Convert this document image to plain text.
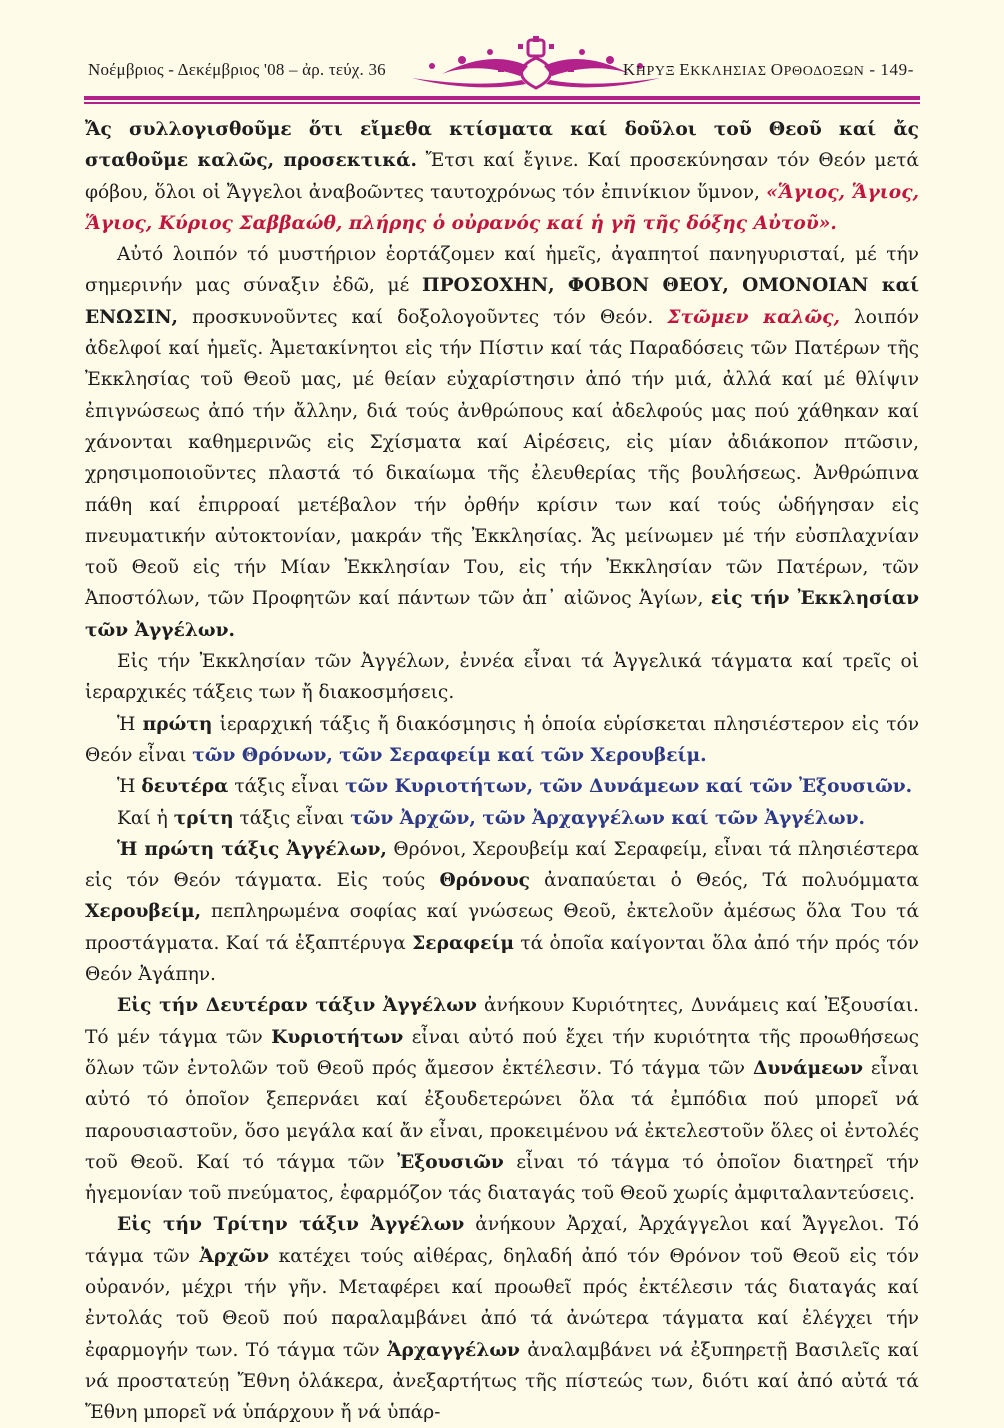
Νοέμβριος - Δεκέμβριος '08 – ἀρ. τεύχ. 36	ΚΗΡΥΞ ΕΚΚΛΗΣΙΑΣ ΟΡΘΟΔΟΞΩΝ - 149-

Ἄς συλλογισθοῦμε ὅτι εἴμεθα κτίσματα καί δοῦλοι τοῦ Θεοῦ καί ἄς σταθοῦμε καλῶς, προσεκτικά. Ἔτσι καί ἔγινε. Καί προσεκύνησαν τόν Θεόν μετά φόβου, ὅλοι οἱ Ἄγγελοι ἀναβοῶντες ταυτοχρόνως τόν ἐπινίκιον ὕμνον, «Ἅγιος, Ἅγιος, Ἅγιος, Κύριος Σαββαώθ, πλήρης ὁ οὐρανός καί ἡ γῆ τῆς δόξης Αὐτοῦ».

Αὐτό λοιπόν τό μυστήριον ἑορτάζομεν καί ἡμεῖς, ἀγαπητοί πανηγυρισταί, μέ τήν σημερινήν μας σύναξιν ἐδῶ, μέ ΠΡΟΣΟΧΗΝ, ΦΟΒΟΝ ΘΕΟΥ, ΟΜΟΝΟΙΑΝ καί ΕΝΩΣΙΝ, προσκυνοῦντες καί δοξολογοῦντες τόν Θεόν. Στῶμεν καλῶς, λοιπόν ἀδελφοί καί ἡμεῖς. Ἀμετακίνητοι εἰς τήν Πίστιν καί τάς Παραδόσεις τῶν Πατέρων τῆς Ἐκκλησίας τοῦ Θεοῦ μας, μέ θείαν εὐχαρίστησιν ἀπό τήν μιά, ἀλλά καί μέ θλίψιν ἐπιγνώσεως ἀπό τήν ἄλλην, διά τούς ἀνθρώπους καί ἀδελφούς μας πού χάθηκαν καί χάνονται καθημερινῶς εἰς Σχίσματα καί Αἱρέσεις, εἰς μίαν ἀδιάκοπον πτῶσιν, χρησιμοποιοῦντες πλαστά τό δικαίωμα τῆς ἐλευθερίας τῆς βουλήσεως. Ἀνθρώπινα πάθη καί ἐπιρροαί μετέβαλον τήν ὀρθήν κρίσιν των καί τούς ὡδήγησαν εἰς πνευματικήν αὐτοκτονίαν, μακράν τῆς Ἐκκλησίας. Ἄς μείνωμεν μέ τήν εὐσπλαχνίαν τοῦ Θεοῦ εἰς τήν Μίαν Ἐκκλησίαν Του, εἰς τήν Ἐκκλησίαν τῶν Πατέρων, τῶν Ἀποστόλων, τῶν Προφητῶν καί πάντων τῶν ἀπ᾽ αἰῶνος Ἁγίων, εἰς τήν Ἐκκλησίαν τῶν Ἀγγέλων.

Εἰς τήν Ἐκκλησίαν τῶν Ἀγγέλων, ἐννέα εἶναι τά Ἀγγελικά τάγματα καί τρεῖς οἱ ἱεραρχικές τάξεις των ἤ διακοσμήσεις.

Ἡ πρώτη ἱεραρχική τάξις ἤ διακόσμησις ἡ ὁποία εὑρίσκεται πλησιέστερον εἰς τόν Θεόν εἶναι τῶν Θρόνων, τῶν Σεραφείμ καί τῶν Χερουβείμ.

Ἡ δευτέρα τάξις εἶναι τῶν Κυριοτήτων, τῶν Δυνάμεων καί τῶν Ἐξουσιῶν.

Καί ἡ τρίτη τάξις εἶναι τῶν Ἀρχῶν, τῶν Ἀρχαγγέλων καί τῶν Ἀγγέλων.

Ἡ πρώτη τάξις Ἀγγέλων, Θρόνοι, Χερουβείμ καί Σεραφείμ, εἶναι τά πλησιέστερα εἰς τόν Θεόν τάγματα. Εἰς τούς Θρόνους ἀναπαύεται ὁ Θεός, Τά πολυόμματα Χερουβείμ, πεπληρωμένα σοφίας καί γνώσεως Θεοῦ, ἐκτελοῦν ἀμέσως ὅλα Του τά προστάγματα. Καί τά ἑξαπτέρυγα Σεραφείμ τά ὁποῖα καίγονται ὅλα ἀπό τήν πρός τόν Θεόν Ἀγάπην.

Εἰς τήν Δευτέραν τάξιν Ἀγγέλων ἀνήκουν Κυριότητες, Δυνάμεις καί Ἐξουσίαι. Τό μέν τάγμα τῶν Κυριοτήτων εἶναι αὐτό πού ἔχει τήν κυριότητα τῆς προωθήσεως ὅλων τῶν ἐντολῶν τοῦ Θεοῦ πρός ἄμεσον ἐκτέλεσιν. Τό τάγμα τῶν Δυνάμεων εἶναι αὐτό τό ὁποῖον ξεπερνάει καί ἐξουδετερώνει ὅλα τά ἐμπόδια πού μπορεῖ νά παρουσιαστοῦν, ὅσο μεγάλα καί ἄν εἶναι, προκειμένου νά ἐκτελεστοῦν ὅλες οἱ ἐντολές τοῦ Θεοῦ. Καί τό τάγμα τῶν Ἐξουσιῶν εἶναι τό τάγμα τό ὁποῖον διατηρεῖ τήν ἡγεμονίαν τοῦ πνεύματος, ἐφαρμόζον τάς διαταγάς τοῦ Θεοῦ χωρίς ἀμφιταλαντεύσεις.

Εἰς τήν Τρίτην τάξιν Ἀγγέλων ἀνήκουν Ἀρχαί, Ἀρχάγγελοι καί Ἄγγελοι. Τό τάγμα τῶν Ἀρχῶν κατέχει τούς αἰθέρας, δηλαδή ἀπό τόν Θρόνον τοῦ Θεοῦ εἰς τόν οὐρανόν, μέχρι τήν γῆν. Μεταφέρει καί προωθεῖ πρός ἐκτέλεσιν τάς διαταγάς καί ἐντολάς τοῦ Θεοῦ πού παραλαμβάνει ἀπό τά ἀνώτερα τάγματα καί ἐλέγχει τήν ἐφαρμογήν των. Τό τάγμα τῶν Ἀρχαγγέλων ἀναλαμβάνει νά ἐξυπηρετῇ Βασιλεῖς καί νά προστατεύῃ Ἔθνη ὁλάκερα, ἀνεξαρτήτως τῆς πίστεώς των, διότι καί ἀπό αὐτά τά Ἔθνη μπορεῖ νά ὑπάρχουν ἤ νά ὑπάρ-
